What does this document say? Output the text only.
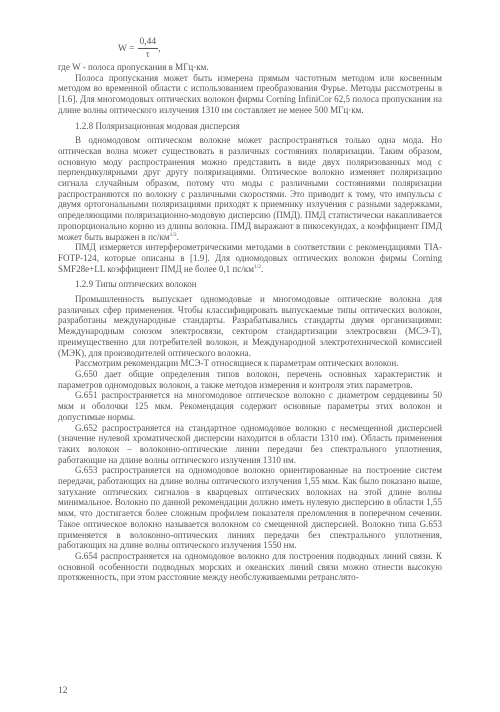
$W = \frac{0,44}{\tau}$ ,

где W - полоса пропускания в МГц·км.

Полоса пропускания может быть измерена прямым частотным методом или косвенным методом во временной области с использованием преобразования Фурье. Методы рассмотрены в [1.6]. Для многомодовых оптических волокон фирмы Corning InfiniCor 62,5 полоса пропускания на длине волны оптического излучения 1310 нм составляет не менее 500 МГц·км.

1.2.8 Поляризационная модовая дисперсия

В одномодовом оптическом волокне может распространяться только одна мода. Но оптическая волна может существовать в различных состояниях поляризации. Таким образом, основную моду распространения можно представить в виде двух поляризованных мод с перпендикулярными друг другу поляризациями. Оптическое волокно изменяет поляризацию сигнала случайным образом, потому что моды с различными состояниями поляризации распространяются по волокну с различными скоростями. Это приводит к тому, что импульсы с двумя ортогональными поляризациями приходят к приемнику излучения с разными задержками, определяющими поляризационно-модовую дисперсию (ПМД). ПМД статистически накапливается пропорционально корню из длины волокна. ПМД выражают в пикосекундах, а коэффициент ПМД может быть выражен в $пс/км^{1/2}$.

ПМД измеряется интерферометрическими методами в соответствии с рекомендациями TIA-FOTP-124, которые описаны в [1.9]. Для одномодовых оптических волокон фирмы Corning SMF28e+LL коэффициент ПМД не более 0,1 $пс/км^{1/2}$.

1.2.9 Типы оптических волокон

Промышленность выпускает одномодовые и многомодовые оптические волокна для различных сфер применения. Чтобы классифицировать выпускаемые типы оптических волокон, разработаны международные стандарты. Разрабатывались стандарты двумя организациями: Международным союзом электросвязи, сектором стандартизации электросвязи (МСЭ-Т), преимущественно для потребителей волокон, и Международной электротехнической комиссией (МЭК), для производителей оптического волокна.

Рассмотрим рекомендации МСЭ-Т относящиеся к параметрам оптических волокон.

G.650 дает общие определения типов волокон, перечень основных характеристик и параметров одномодовых волокон, а также методов измерения и контроля этих параметров.

G.651 распространяется на многомодовое оптическое волокно с диаметром сердцевины 50 мкм и оболочки 125 мкм. Рекомендация содержит основные параметры этих волокон и допустимые нормы.

G.652 распространяется на стандартное одномодовое волокно с несмещенной дисперсией (значение нулевой хроматической дисперсии находится в области 1310 нм). Область применения таких волокон – волоконно-оптические линии передачи без спектрального уплотнения, работающие на длине волны оптического излучения 1310 нм.

G.653 распространяется на одномодовое волокно ориентированные на построение систем передачи, работающих на длине волны оптического излучения 1,55 мкм. Как было показано выше, затухание оптических сигналов в кварцевых оптических волокнах на этой длине волны минимальное. Волокно по данной рекомендации должно иметь нулевую дисперсию в области 1,55 мкм, что достигается более сложным профилем показателя преломления в поперечном сечении. Такое оптическое волокно называется волокном со смещенной дисперсией. Волокно типа G.653 применяется в волоконно-оптических линиях передачи без спектрального уплотнения, работающих на длине волны оптического излучения 1550 нм.

G.654 распространяется на одномодовое волокно для построения подводных линий связи. К основной особенности подводных морских и океанских линий связи можно отнести высокую протяженность, при этом расстояние между необслуживаемыми ретранслято-

12
